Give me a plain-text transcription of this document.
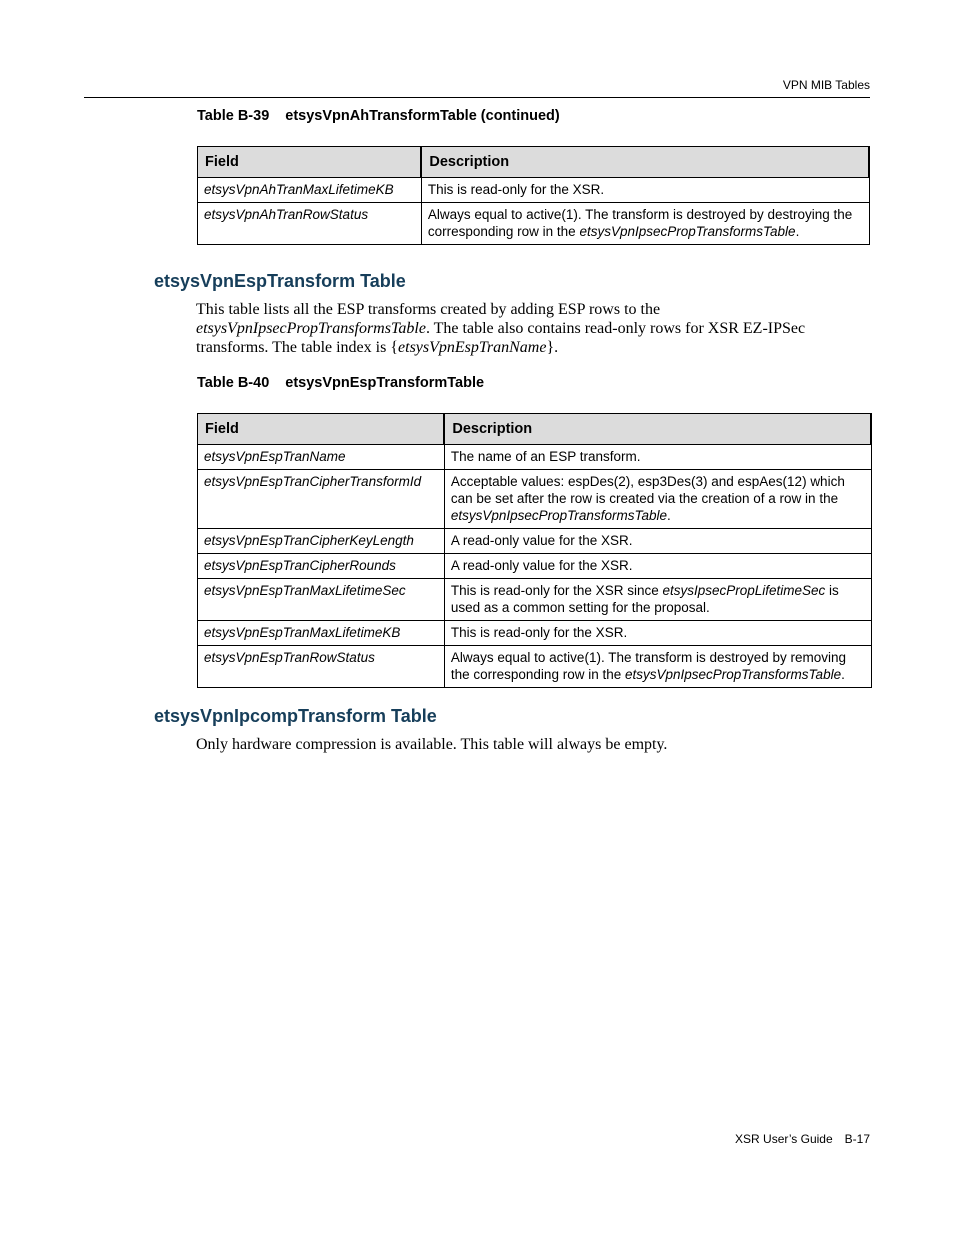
VPN MIB Tables
Table B-39 etsysVpnAhTransformTable (continued)
Field	Description
etsysVpnAhTranMaxLifetimeKB	This is read-only for the XSR.
etsysVpnAhTranRowStatus	Always equal to active(1). The transform is destroyed by destroying the corresponding row in the etsysVpnIpsecPropTransformsTable.
etsysVpnEspTransform Table
This table lists all the ESP transforms created by adding ESP rows to the etsysVpnIpsecPropTransformsTable. The table also contains read-only rows for XSR EZ-IPSec transforms. The table index is {etsysVpnEspTranName}.
Table B-40 etsysVpnEspTransformTable
Field	Description
etsysVpnEspTranName	The name of an ESP transform.
etsysVpnEspTranCipherTransformId	Acceptable values: espDes(2), esp3Des(3) and espAes(12) which can be set after the row is created via the creation of a row in the etsysVpnIpsecPropTransformsTable.
etsysVpnEspTranCipherKeyLength	A read-only value for the XSR.
etsysVpnEspTranCipherRounds	A read-only value for the XSR.
etsysVpnEspTranMaxLifetimeSec	This is read-only for the XSR since etsysIpsecPropLifetimeSec is used as a common setting for the proposal.
etsysVpnEspTranMaxLifetimeKB	This is read-only for the XSR.
etsysVpnEspTranRowStatus	Always equal to active(1). The transform is destroyed by removing the corresponding row in the etsysVpnIpsecPropTransformsTable.
etsysVpnIpcompTransform Table
Only hardware compression is available. This table will always be empty.
XSR User’s Guide B-17
